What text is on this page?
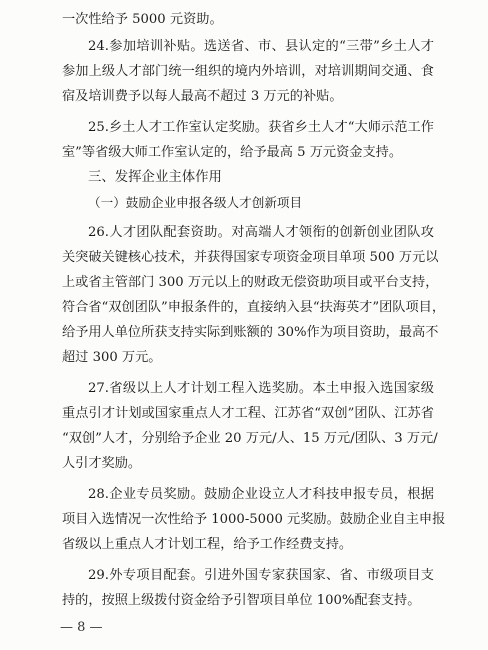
一次性给予 5000 元资助。
24.参加培训补贴。选送省、市、县认定的“三带”乡土人才
参加上级人才部门统一组织的境内外培训，对培训期间交通、食
宿及培训费予以每人最高不超过 3 万元的补贴。
25.乡土人才工作室认定奖励。获省乡土人才“大师示范工作
室”等省级大师工作室认定的，给予最高 5 万元资金支持。
三、发挥企业主体作用
（一）鼓励企业申报各级人才创新项目
26.人才团队配套资助。对高端人才领衔的创新创业团队攻
关突破关键核心技术，并获得国家专项资金项目单项 500 万元以
上或省主管部门 300 万元以上的财政无偿资助项目或平台支持，
符合省“双创团队”申报条件的，直接纳入县“扶海英才”团队项目，
给予用人单位所获支持实际到账额的 30%作为项目资助，最高不
超过 300 万元。
27.省级以上人才计划工程入选奖励。本土申报入选国家级
重点引才计划或国家重点人才工程、江苏省“双创”团队、江苏省
“双创”人才，分别给予企业 20 万元/人、15 万元/团队、3 万元/
人引才奖励。
28.企业专员奖励。鼓励企业设立人才科技申报专员，根据
项目入选情况一次性给予 1000-5000 元奖励。鼓励企业自主申报
省级以上重点人才计划工程，给予工作经费支持。
29.外专项目配套。引进外国专家获国家、省、市级项目支
持的，按照上级拨付资金给予引智项目单位 100%配套支持。
— 8 —
